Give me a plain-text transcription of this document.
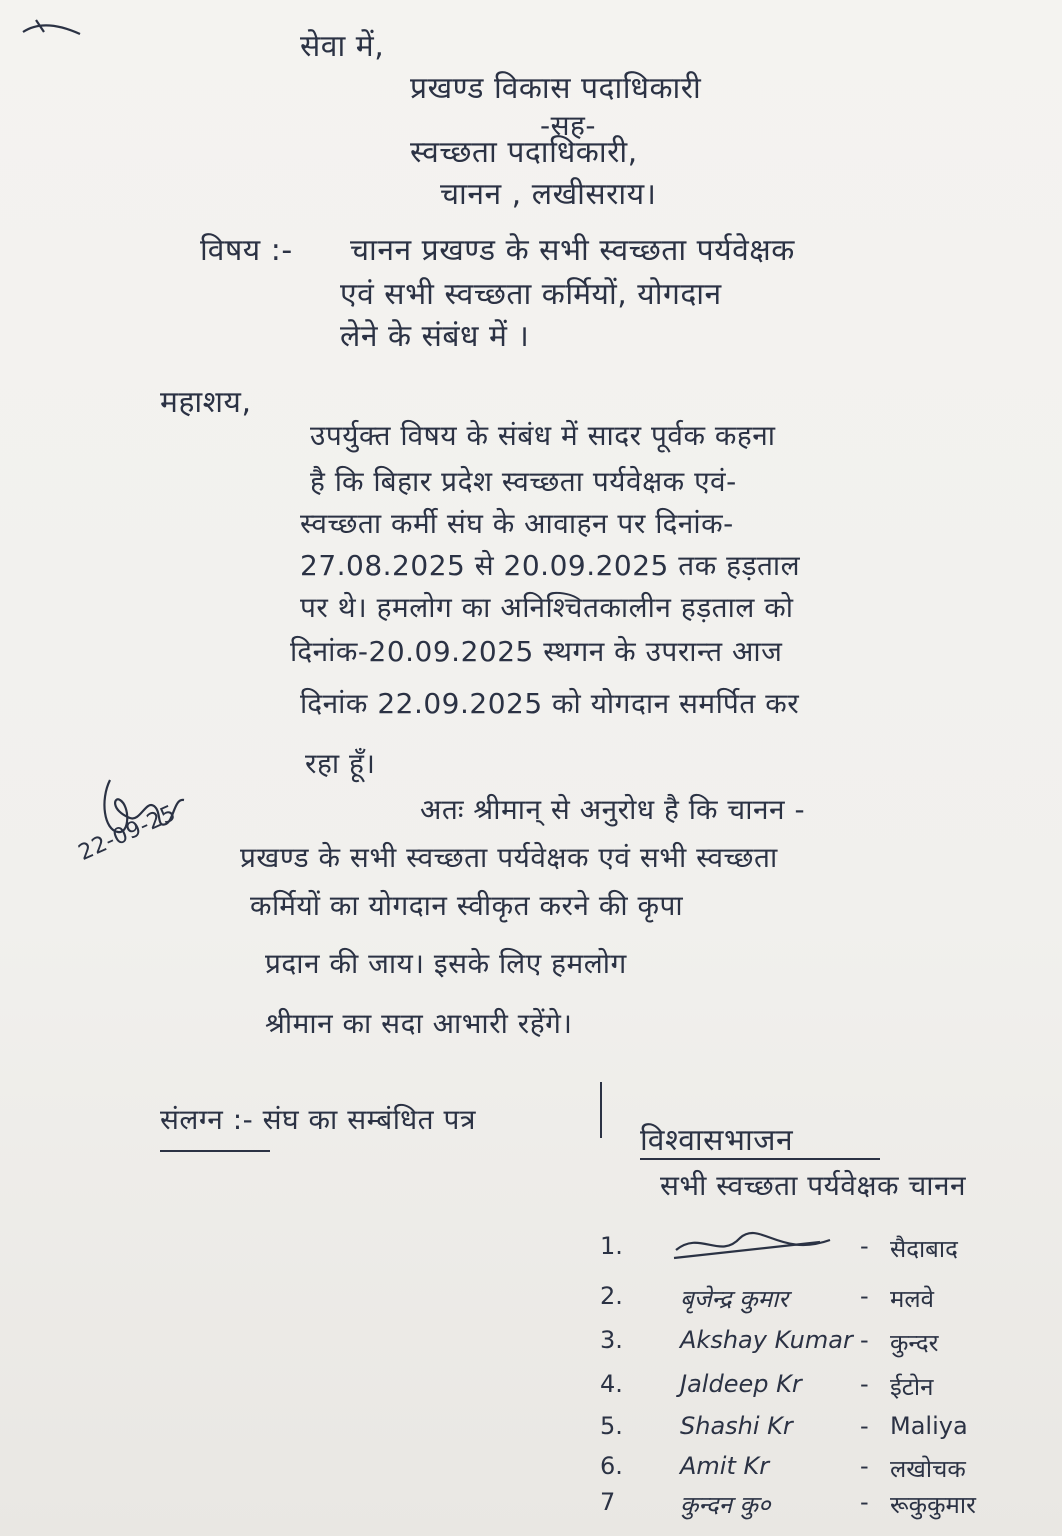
सेवा में,
प्रखण्ड विकास पदाधिकारी
-सह-
स्वच्छता पदाधिकारी,
चानन , लखीसराय।
विषय :- चानन प्रखण्ड के सभी स्वच्छता पर्यवेक्षक
एवं सभी स्वच्छता कर्मियों, योगदान
लेने के संबंध में ।
महाशय,
उपर्युक्त विषय के संबंध में सादर पूर्वक कहना
है कि बिहार प्रदेश स्वच्छता पर्यवेक्षक एवं-
स्वच्छता कर्मी संघ के आवाहन पर दिनांक-
27.08.2025 से 20.09.2025 तक हड़ताल
पर थे। हमलोग का अनिश्चितकालीन हड़ताल को
दिनांक-20.09.2025 स्थगन के उपरान्त आज
दिनांक 22.09.2025 को योगदान समर्पित कर
रहा हूँ।
22-09-25	अतः श्रीमान् से अनुरोध है कि चानन -
प्रखण्ड के सभी स्वच्छता पर्यवेक्षक एवं सभी स्वच्छता
कर्मियों का योगदान स्वीकृत करने की कृपा
प्रदान की जाय। इसके लिए हमलोग
श्रीमान का सदा आभारी रहेंगे।
संलग्न :- संघ का सम्बंधित पत्र
विश्वासभाजन
सभी स्वच्छता पर्यवेक्षक चानन
1.	- सैदाबाद
2. बृजेन्द्र कुमार	- मलवे
3. Akshay Kumar - कुन्दर
4. Jaldeep Kr - ईटोन
5. Shashi Kr	- Maliya
6. Amit Kr	- लखोचक
7	कुन्दन कु०	- रूकुकुमार
